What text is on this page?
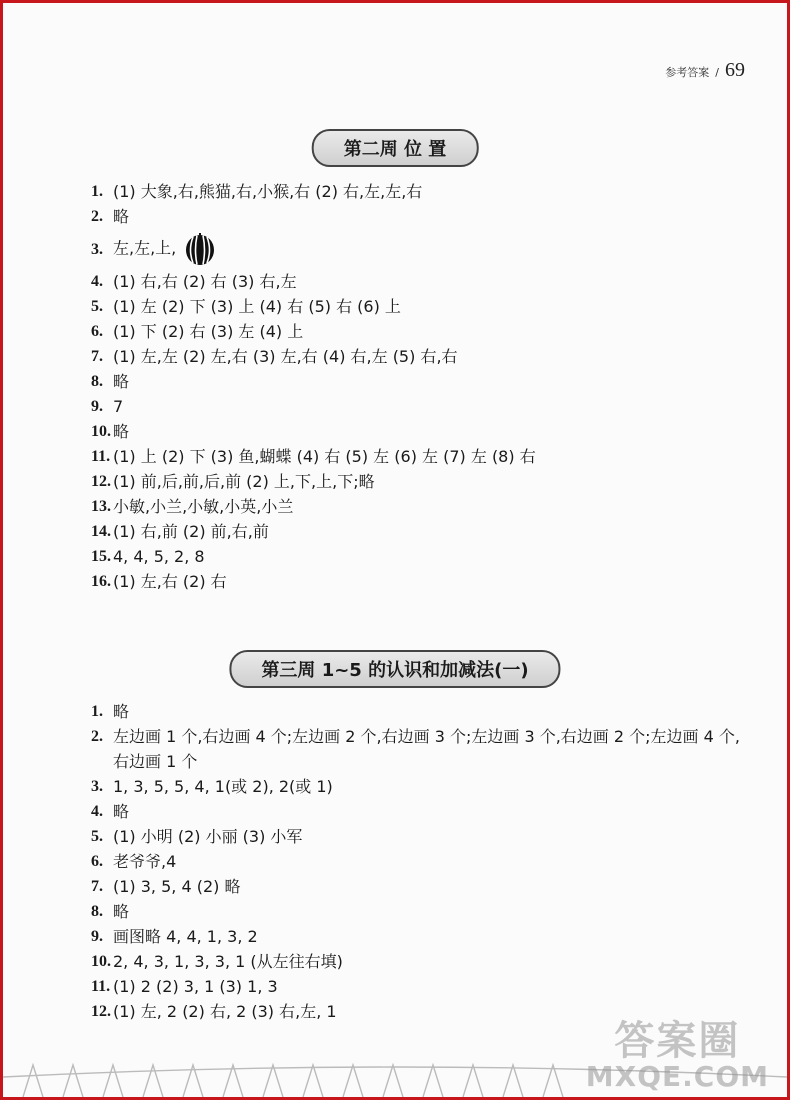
参考答案 / 69
第二周 位 置
1. (1) 大象,右,熊猫,右,小猴,右 (2) 右,左,左,右
2. 略
3. 左,左,上,
4. (1) 右,右 (2) 右 (3) 右,左
5. (1) 左 (2) 下 (3) 上 (4) 右 (5) 右 (6) 上
6. (1) 下 (2) 右 (3) 左 (4) 上
7. (1) 左,左 (2) 左,右 (3) 左,右 (4) 右,左 (5) 右,右
8. 略
9. 7
10. 略
11. (1) 上 (2) 下 (3) 鱼,蝴蝶 (4) 右 (5) 左 (6) 左 (7) 左 (8) 右
12. (1) 前,后,前,后,前 (2) 上,下,上,下;略
13. 小敏,小兰,小敏,小英,小兰
14. (1) 右,前 (2) 前,右,前
15. 4, 4, 5, 2, 8
16. (1) 左,右 (2) 右
第三周 1~5 的认识和加减法(一)
1. 略
2. 左边画 1 个,右边画 4 个;左边画 2 个,右边画 3 个;左边画 3 个,右边画 2 个;左边画 4 个,右边画 1 个
3. 1, 3, 5, 5, 4, 1(或 2), 2(或 1)
4. 略
5. (1) 小明 (2) 小丽 (3) 小军
6. 老爷爷,4
7. (1) 3, 5, 4 (2) 略
8. 略
9. 画图略 4, 4, 1, 3, 2
10. 2, 4, 3, 1, 3, 3, 1 (从左往右填)
11. (1) 2 (2) 3, 1 (3) 1, 3
12. (1) 左, 2 (2) 右, 2 (3) 右,左, 1
答案圈
MXQE.COM
